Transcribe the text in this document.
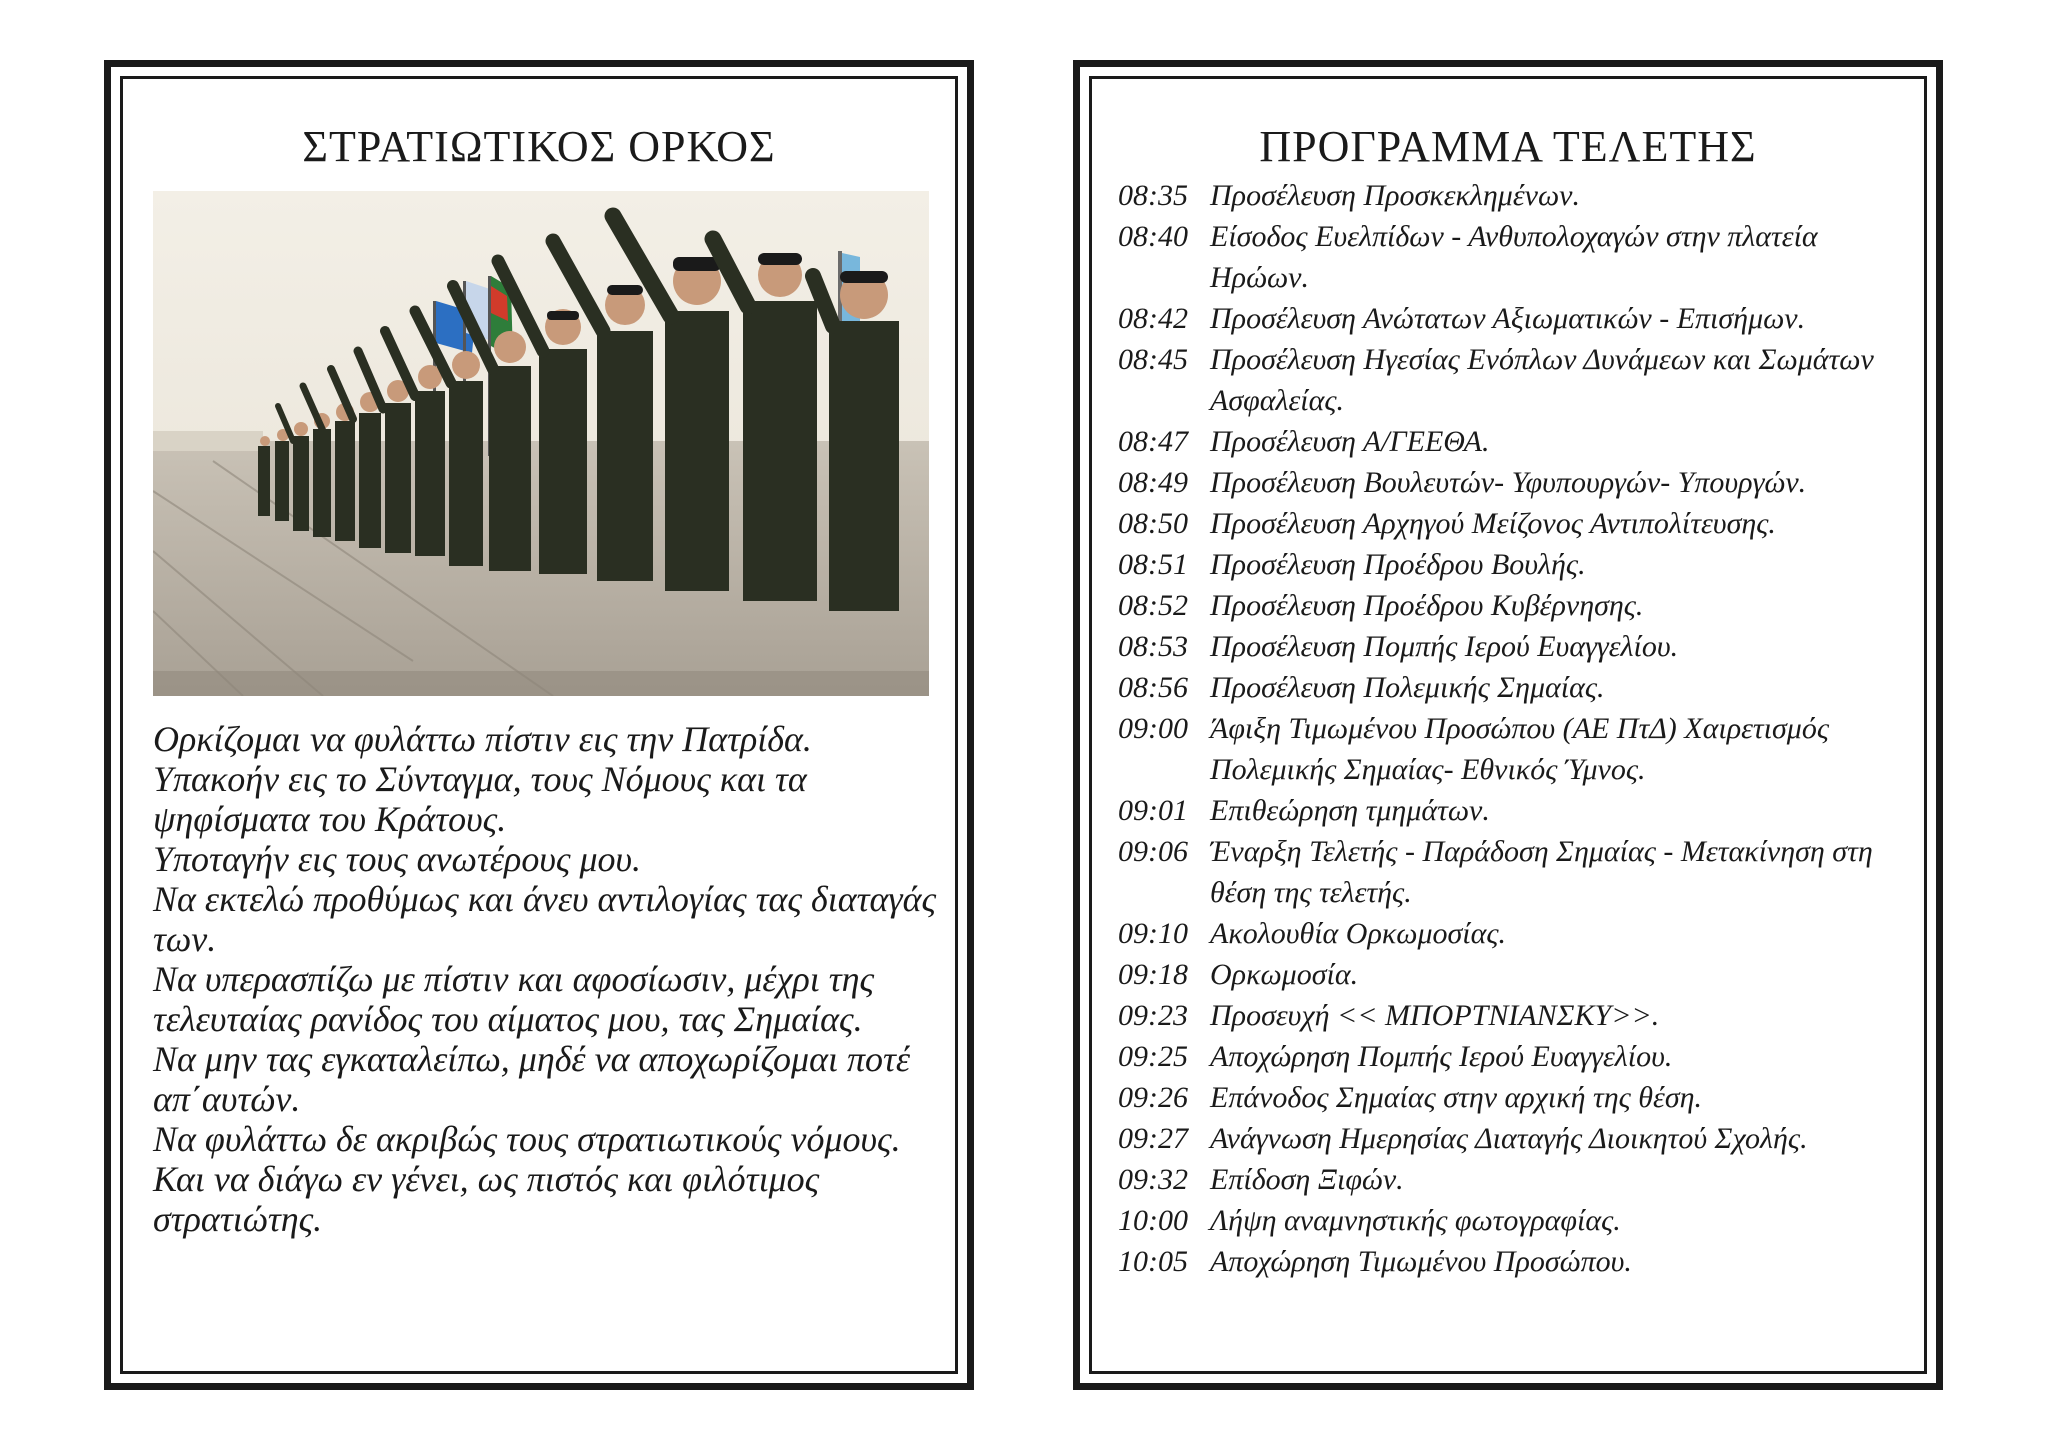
ΣΤΡΑΤΙΩΤΙΚΟΣ ΟΡΚΟΣ
Ορκίζομαι να φυλάττω πίστιν εις την Πατρίδα.
Υπακοήν εις το Σύνταγμα, τους Νόμους και τα ψηφίσματα του Κράτους.
Υποταγήν εις τους ανωτέρους μου.
Να εκτελώ προθύμως και άνευ αντιλογίας τας διαταγάς των.
Να υπερασπίζω με πίστιν και αφοσίωσιν, μέχρι της τελευταίας ρανίδος του αίματος μου, τας Σημαίας.
Να μην τας εγκαταλείπω, μηδέ να αποχωρίζομαι ποτέ απ΄αυτών.
Να φυλάττω δε ακριβώς τους στρατιωτικούς νόμους.
Και να διάγω εν γένει, ως πιστός και φιλότιμος στρατιώτης.
ΠΡΟΓΡΑΜΜΑ ΤΕΛΕΤΗΣ
08:35 Προσέλευση Προσκεκλημένων.
08:40 Είσοδος Ευελπίδων - Ανθυπολοχαγών στην πλατεία Ηρώων.
08:42 Προσέλευση Ανώτατων Αξιωματικών - Επισήμων.
08:45 Προσέλευση Ηγεσίας Ενόπλων Δυνάμεων και Σωμάτων Ασφαλείας.
08:47 Προσέλευση Α/ΓΕΕΘΑ.
08:49 Προσέλευση Βουλευτών- Υφυπουργών- Υπουργών.
08:50 Προσέλευση Αρχηγού Μείζονος Αντιπολίτευσης.
08:51 Προσέλευση Προέδρου Βουλής.
08:52 Προσέλευση Προέδρου Κυβέρνησης.
08:53 Προσέλευση Πομπής Ιερού Ευαγγελίου.
08:56 Προσέλευση Πολεμικής Σημαίας.
09:00 Άφιξη Τιμωμένου Προσώπου (ΑΕ ΠτΔ) Χαιρετισμός Πολεμικής Σημαίας- Εθνικός Ύμνος.
09:01 Επιθεώρηση τμημάτων.
09:06 Έναρξη Τελετής - Παράδοση Σημαίας - Μετακίνηση στη θέση της τελετής.
09:10 Ακολουθία Ορκωμοσίας.
09:18 Ορκωμοσία.
09:23 Προσευχή << ΜΠΟΡΤΝΙΑΝΣΚΥ>>.
09:25 Αποχώρηση Πομπής Ιερού Ευαγγελίου.
09:26 Επάνοδος Σημαίας στην αρχική της θέση.
09:27 Ανάγνωση Ημερησίας Διαταγής Διοικητού Σχολής.
09:32 Επίδοση Ξιφών.
10:00 Λήψη αναμνηστικής φωτογραφίας.
10:05 Αποχώρηση Τιμωμένου Προσώπου.
